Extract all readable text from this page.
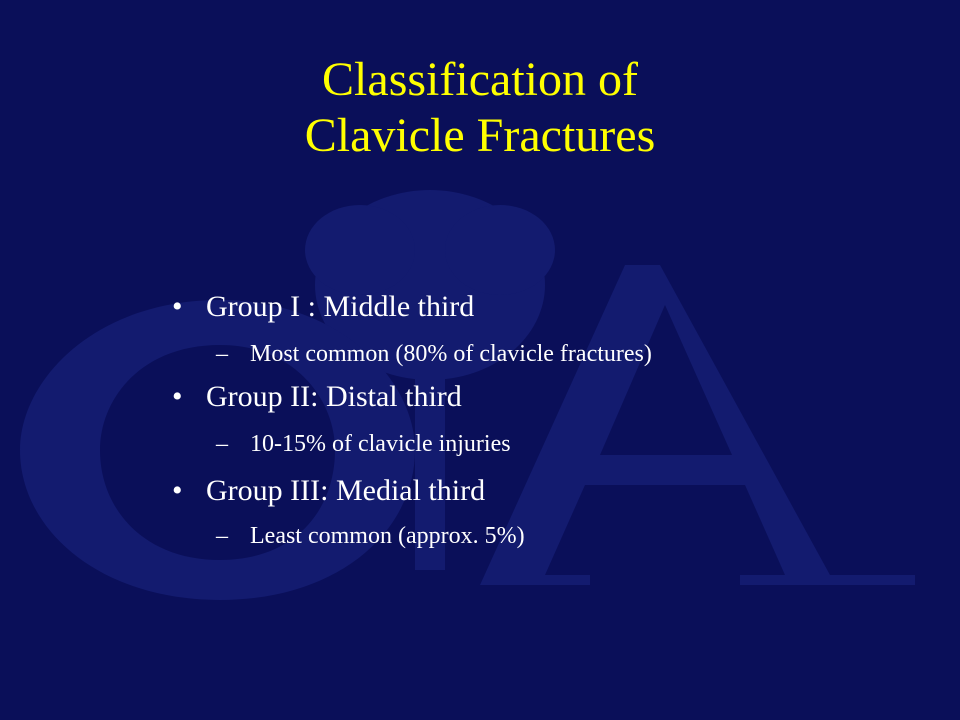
Classification of
Clavicle Fractures
• Group I : Middle third
– Most common (80% of clavicle fractures)
• Group II: Distal third
– 10-15% of clavicle injuries
• Group III: Medial third
– Least common (approx. 5%)
